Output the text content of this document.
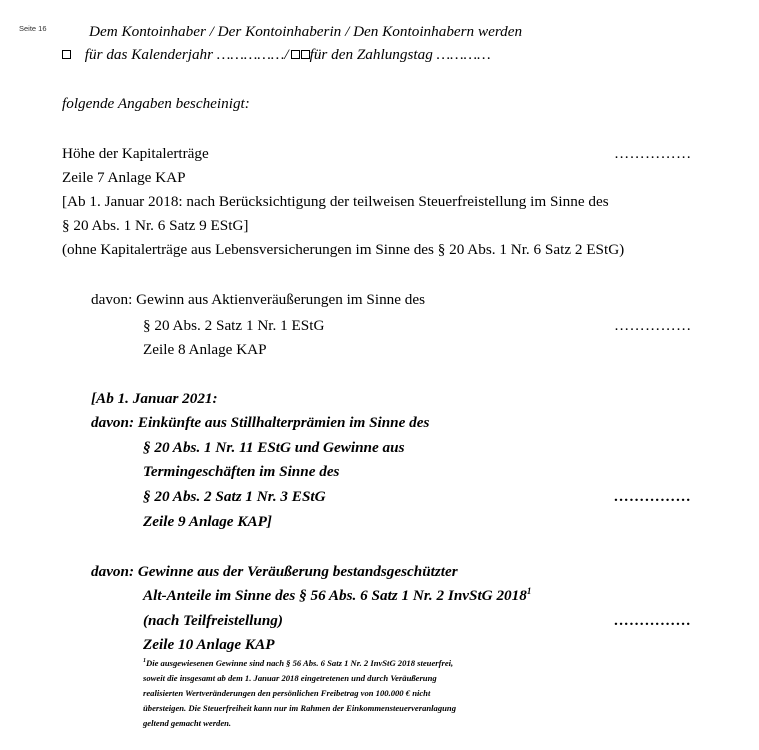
Seite 16	Dem Kontoinhaber / Der Kontoinhaberin / Den Kontoinhabern werden
für das Kalenderjahr ……………/ für den Zahlungstag …………
folgende Angaben bescheinigt:
Höhe der Kapitalerträge	……………
Zeile 7 Anlage KAP
[Ab 1. Januar 2018: nach Berücksichtigung der teilweisen Steuerfreistellung im Sinne des
§ 20 Abs. 1 Nr. 6 Satz 9 EStG]
(ohne Kapitalerträge aus Lebensversicherungen im Sinne des § 20 Abs. 1 Nr. 6 Satz 2 EStG)
davon: Gewinn aus Aktienveräußerungen im Sinne des
§ 20 Abs. 2 Satz 1 Nr. 1 EStG	……………
Zeile 8 Anlage KAP
[Ab 1. Januar 2021:
davon: Einkünfte aus Stillhalterprämien im Sinne des
§ 20 Abs. 1 Nr. 11 EStG und Gewinne aus
Termingeschäften im Sinne des
§ 20 Abs. 2 Satz 1 Nr. 3 EStG	……………
Zeile 9 Anlage KAP]
davon: Gewinne aus der Veräußerung bestandsgeschützter
Alt-Anteile im Sinne des § 56 Abs. 6 Satz 1 Nr. 2 InvStG 2018$^1$
(nach Teilfreistellung)	……………
Zeile 10 Anlage KAP
$^1$Die ausgewiesenen Gewinne sind nach § 56 Abs. 6 Satz 1 Nr. 2 InvStG 2018 steuerfrei,
soweit die insgesamt ab dem 1. Januar 2018 eingetretenen und durch Veräußerung
realisierten Wertveränderungen den persönlichen Freibetrag von 100.000 € nicht
übersteigen. Die Steuerfreiheit kann nur im Rahmen der Einkommensteuerveranlagung
geltend gemacht werden.
